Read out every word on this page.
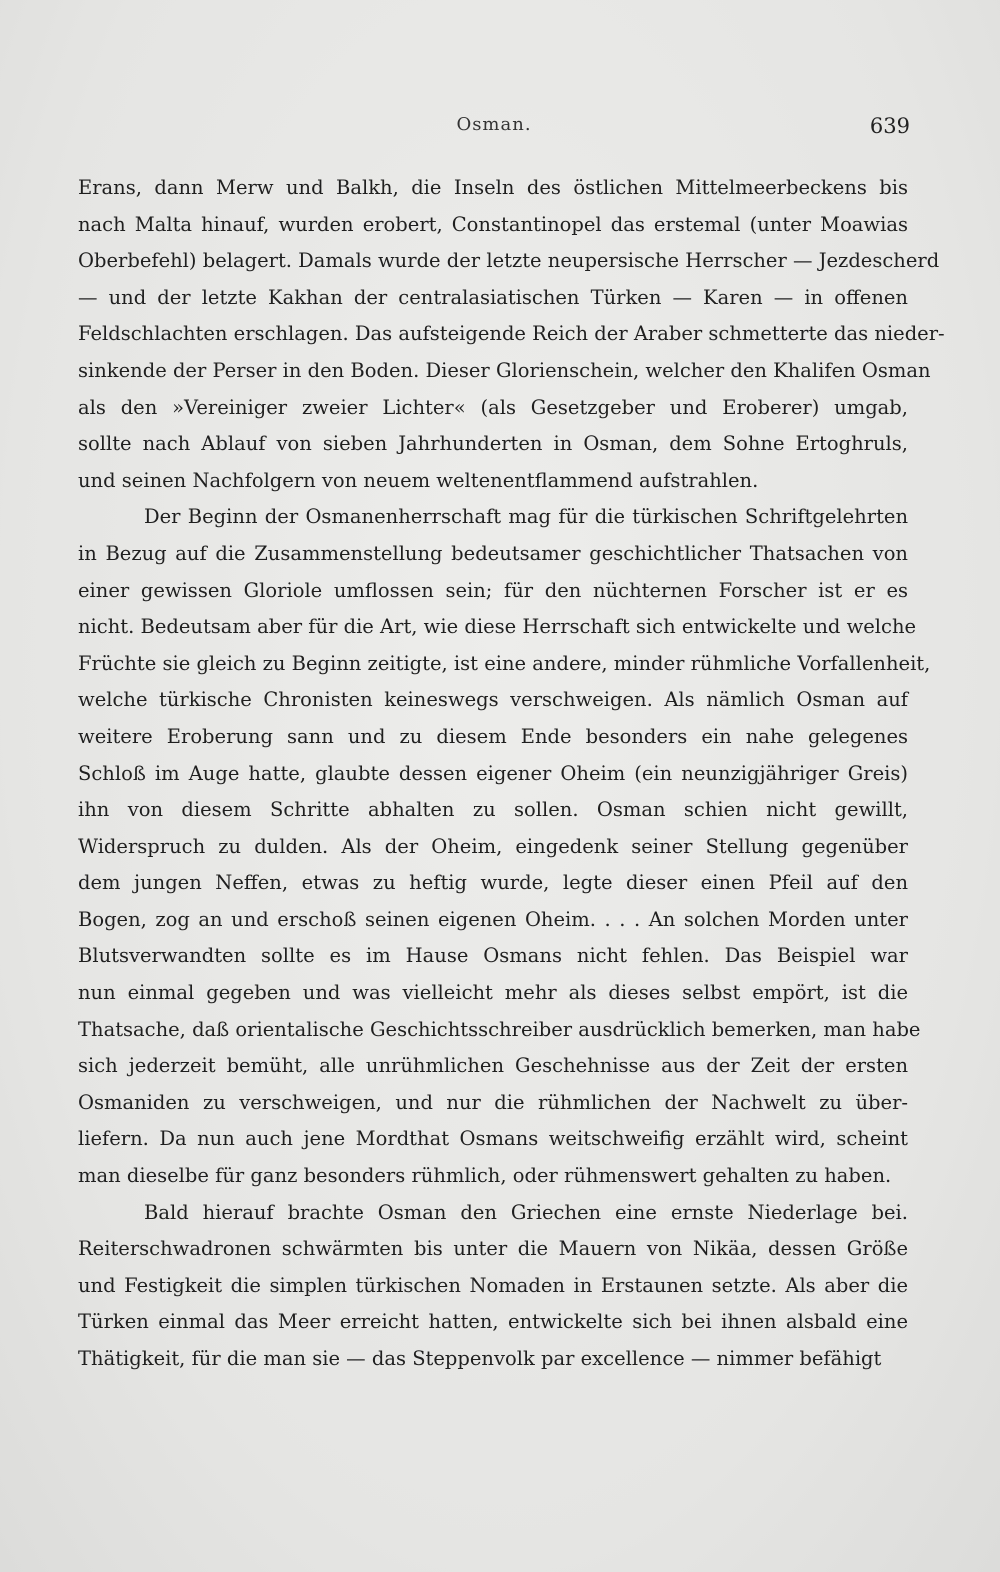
Osman.	639
Erans, dann Merw und Balkh, die Inseln des östlichen Mittelmeerbeckens bis
nach Malta hinauf, wurden erobert, Constantinopel das erstemal (unter Moawias
Oberbefehl) belagert. Damals wurde der letzte neupersische Herrscher — Jezdescherd
— und der letzte Kakhan der centralasiatischen Türken — Karen — in offenen
Feldschlachten erschlagen. Das aufsteigende Reich der Araber schmetterte das nieder-
sinkende der Perser in den Boden. Dieser Glorienschein, welcher den Khalifen Osman
als den »Vereiniger zweier Lichter« (als Gesetzgeber und Eroberer) umgab,
sollte nach Ablauf von sieben Jahrhunderten in Osman, dem Sohne Ertoghruls,
und seinen Nachfolgern von neuem weltenentflammend aufstrahlen.
Der Beginn der Osmanenherrschaft mag für die türkischen Schriftgelehrten
in Bezug auf die Zusammenstellung bedeutsamer geschichtlicher Thatsachen von
einer gewissen Gloriole umflossen sein; für den nüchternen Forscher ist er es
nicht. Bedeutsam aber für die Art, wie diese Herrschaft sich entwickelte und welche
Früchte sie gleich zu Beginn zeitigte, ist eine andere, minder rühmliche Vorfallenheit,
welche türkische Chronisten keineswegs verschweigen. Als nämlich Osman auf
weitere Eroberung sann und zu diesem Ende besonders ein nahe gelegenes
Schloß im Auge hatte, glaubte dessen eigener Oheim (ein neunzigjähriger Greis)
ihn von diesem Schritte abhalten zu sollen. Osman schien nicht gewillt,
Widerspruch zu dulden. Als der Oheim, eingedenk seiner Stellung gegenüber
dem jungen Neffen, etwas zu heftig wurde, legte dieser einen Pfeil auf den
Bogen, zog an und erschoß seinen eigenen Oheim. . . . An solchen Morden unter
Blutsverwandten sollte es im Hause Osmans nicht fehlen. Das Beispiel war
nun einmal gegeben und was vielleicht mehr als dieses selbst empört, ist die
Thatsache, daß orientalische Geschichtsschreiber ausdrücklich bemerken, man habe
sich jederzeit bemüht, alle unrühmlichen Geschehnisse aus der Zeit der ersten
Osmaniden zu verschweigen, und nur die rühmlichen der Nachwelt zu über-
liefern. Da nun auch jene Mordthat Osmans weitschweifig erzählt wird, scheint
man dieselbe für ganz besonders rühmlich, oder rühmenswert gehalten zu haben.
Bald hierauf brachte Osman den Griechen eine ernste Niederlage bei.
Reiterschwadronen schwärmten bis unter die Mauern von Nikäa, dessen Größe
und Festigkeit die simplen türkischen Nomaden in Erstaunen setzte. Als aber die
Türken einmal das Meer erreicht hatten, entwickelte sich bei ihnen alsbald eine
Thätigkeit, für die man sie — das Steppenvolk par excellence — nimmer befähigt
